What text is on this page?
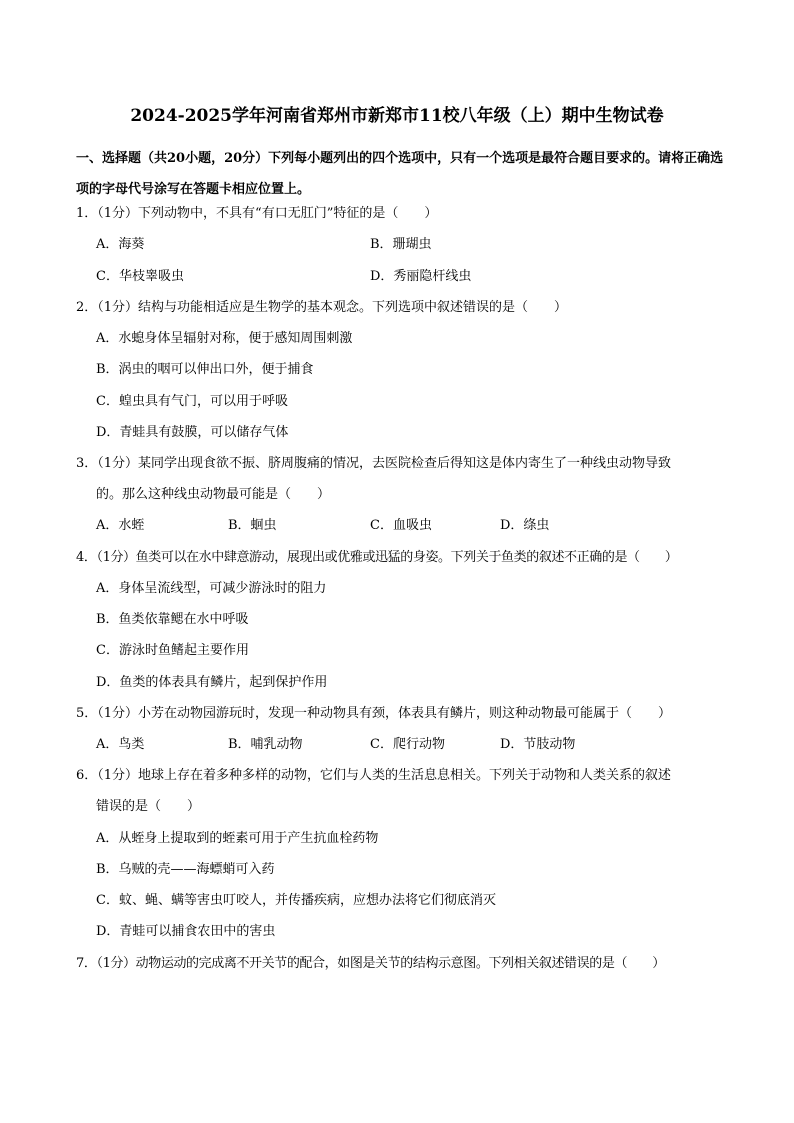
2024-2025学年河南省郑州市新郑市11校八年级（上）期中生物试卷
一、选择题（共20小题，20分）下列每小题列出的四个选项中，只有一个选项是最符合题目要求的。请将正确选项的字母代号涂写在答题卡相应位置上。
1．（1分）下列动物中，不具有“有口无肛门”特征的是（　　）
A．海葵	B．珊瑚虫
C．华枝睾吸虫	D．秀丽隐杆线虫
2．（1分）结构与功能相适应是生物学的基本观念。下列选项中叙述错误的是（　　）
A．水螅身体呈辐射对称，便于感知周围刺激
B．涡虫的咽可以伸出口外，便于捕食
C．蝗虫具有气门，可以用于呼吸
D．青蛙具有鼓膜，可以储存气体
3．（1分）某同学出现食欲不振、脐周腹痛的情况，去医院检查后得知这是体内寄生了一种线虫动物导致
的。那么这种线虫动物最可能是（　　）
A．水蛭	B．蛔虫	C．血吸虫	D．绦虫
4．（1分）鱼类可以在水中肆意游动，展现出或优雅或迅猛的身姿。下列关于鱼类的叙述不正确的是（　　）
A．身体呈流线型，可减少游泳时的阻力
B．鱼类依靠鳃在水中呼吸
C．游泳时鱼鳍起主要作用
D．鱼类的体表具有鳞片，起到保护作用
5．（1分）小芳在动物园游玩时，发现一种动物具有颈，体表具有鳞片，则这种动物最可能属于（　　）
A．鸟类	B．哺乳动物	C．爬行动物	D．节肢动物
6．（1分）地球上存在着多种多样的动物，它们与人类的生活息息相关。下列关于动物和人类关系的叙述
错误的是（　　）
A．从蛭身上提取到的蛭素可用于产生抗血栓药物
B．乌贼的壳——海螵蛸可入药
C．蚊、蝇、螨等害虫叮咬人，并传播疾病，应想办法将它们彻底消灭
D．青蛙可以捕食农田中的害虫
7．（1分）动物运动的完成离不开关节的配合，如图是关节的结构示意图。下列相关叙述错误的是（　　）
